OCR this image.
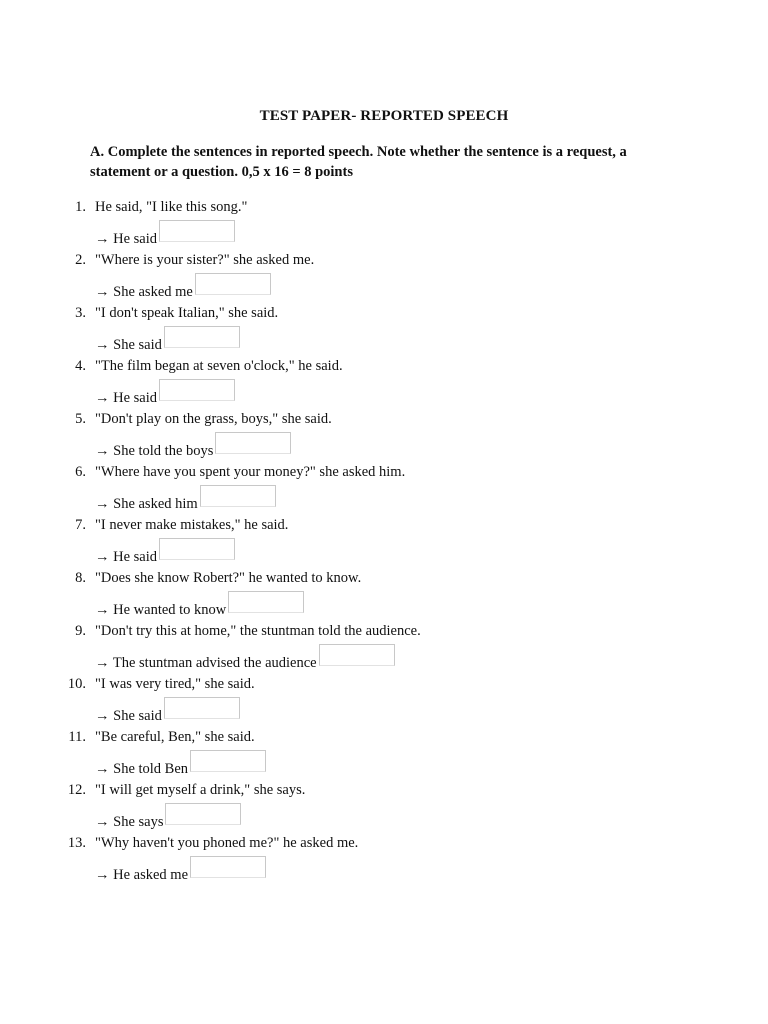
TEST PAPER- REPORTED SPEECH
A. Complete the sentences in reported speech. Note whether the sentence is a request, a statement or a question. 0,5 x 16 = 8 points
1. He said, "I like this song."
→ He said
2. "Where is your sister?" she asked me.
→ She asked me
3. "I don't speak Italian," she said.
→ She said
4. "The film began at seven o'clock," he said.
→ He said
5. "Don't play on the grass, boys," she said.
→ She told the boys
6. "Where have you spent your money?" she asked him.
→ She asked him
7. "I never make mistakes," he said.
→ He said
8. "Does she know Robert?" he wanted to know.
→ He wanted to know
9. "Don't try this at home," the stuntman told the audience.
→ The stuntman advised the audience
10. "I was very tired," she said.
→ She said
11. "Be careful, Ben," she said.
→ She told Ben
12. "I will get myself a drink," she says.
→ She says
13. "Why haven't you phoned me?" he asked me.
→ He asked me
